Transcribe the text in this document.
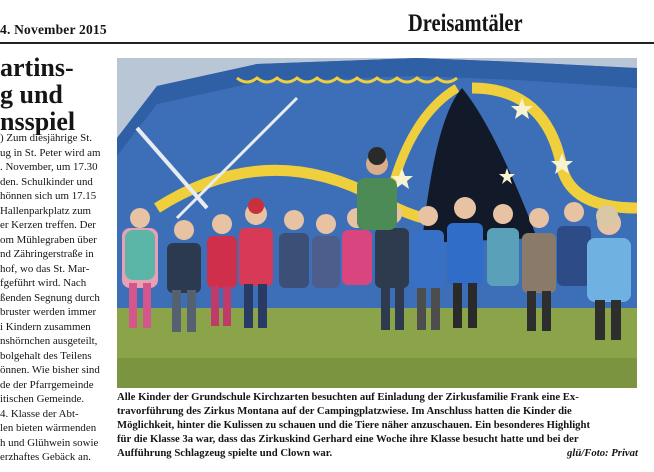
4. November 2015	Dreisamtäler
artins-
g und
nsspiel
) Zum diesjährige St.
ug in St. Peter wird am
. November, um 17.30
den. Schulkinder und
hönnen sich um 17.15
Hallenparkplatz zum
er Kerzen treffen. Der
om Mühlegraben über
nd Zähringerstraße in
hof, wo das St. Mar-
fgeführt wird. Nach
ßenden Segnung durch
bruster werden immer
i Kindern zusammen
nshörnchen ausgeteilt,
bolgehalt des Teilens
önnen. Wie bisher sind
de der Pfarrgemeinde
itischen Gemeinde.
4. Klasse der Abt-
len bieten wärmenden
h und Glühwein sowie
erzhaftes Gebäck an.
Alle Kinder der Grundschule Kirchzarten besuchten auf Einladung der Zirkusfamilie Frank eine Ex-
travorführung des Zirkus Montana auf der Campingplatzwiese. Im Anschluss hatten die Kinder die
Möglichkeit, hinter die Kulissen zu schauen und die Tiere näher anzuschauen. Ein besonderes Highlight
für die Klasse 3a war, dass das Zirkuskind Gerhard eine Woche ihre Klasse besucht hatte und bei der
Aufführung Schlagzeug spielte und Clown war.	glü/Foto: Privat
